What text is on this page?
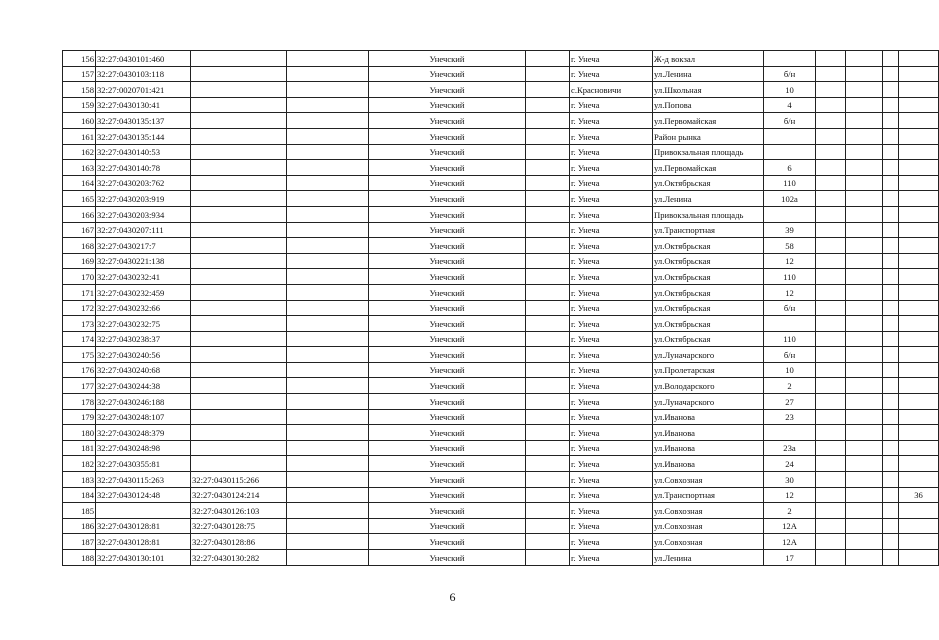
156	32:27:0430101:460			Унечский		г. Унеча	Ж-д вокзал					
157	32:27:0430103:118			Унечский		г. Унеча	ул.Ленина	б/н				
158	32:27:0020701:421			Унечский		с.Красновичи	ул.Школьная	10				
159	32:27:0430130:41			Унечский		г. Унеча	ул.Попова	4				
160	32:27:0430135:137			Унечский		г. Унеча	ул.Первомайская	б/н				
161	32:27:0430135:144			Унечский		г. Унеча	Район рынка					
162	32:27:0430140:53			Унечский		г. Унеча	Привокзальная площадь					
163	32:27:0430140:78			Унечский		г. Унеча	ул.Первомайская	6				
164	32:27:0430203:762			Унечский		г. Унеча	ул.Октябрьская	110				
165	32:27:0430203:919			Унечский		г. Унеча	ул.Ленина	102а				
166	32:27:0430203:934			Унечский		г. Унеча	Привокзальная площадь					
167	32:27:0430207:111			Унечский		г. Унеча	ул.Транспортная	39				
168	32:27:0430217:7			Унечский		г. Унеча	ул.Октябрьская	58				
169	32:27:0430221:138			Унечский		г. Унеча	ул.Октябрьская	12				
170	32:27:0430232:41			Унечский		г. Унеча	ул.Октябрьская	110				
171	32:27:0430232:459			Унечский		г. Унеча	ул.Октябрьская	12				
172	32:27:0430232:66			Унечский		г. Унеча	ул.Октябрьская	б/н				
173	32:27:0430232:75			Унечский		г. Унеча	ул.Октябрьская					
174	32:27:0430238:37			Унечский		г. Унеча	ул.Октябрьская	110				
175	32:27:0430240:56			Унечский		г. Унеча	ул.Луначарского	б/н				
176	32:27:0430240:68			Унечский		г. Унеча	ул.Пролетарская	10				
177	32:27:0430244:38			Унечский		г. Унеча	ул.Володарского	2				
178	32:27:0430246:188			Унечский		г. Унеча	ул.Луначарского	27				
179	32:27:0430248:107			Унечский		г. Унеча	ул.Иванова	23				
180	32:27:0430248:379			Унечский		г. Унеча	ул.Иванова					
181	32:27:0430248:98			Унечский		г. Унеча	ул.Иванова	23а				
182	32:27:0430355:81			Унечский		г. Унеча	ул.Иванова	24				
183	32:27:0430115:263	32:27:0430115:266		Унечский		г. Унеча	ул.Совхозная	30				
184	32:27:0430124:48	32:27:0430124:214		Унечский		г. Унеча	ул.Транспортная	12				36
185		32:27:0430126:103		Унечский		г. Унеча	ул.Совхозная	2				
186	32:27:0430128:81	32:27:0430128:75		Унечский		г. Унеча	ул.Совхозная	12А				
187	32:27:0430128:81	32:27:0430128:86		Унечский		г. Унеча	ул.Совхозная	12А				
188	32:27:0430130:101	32:27:0430130:282		Унечский		г. Унеча	ул.Ленина	17				
6
